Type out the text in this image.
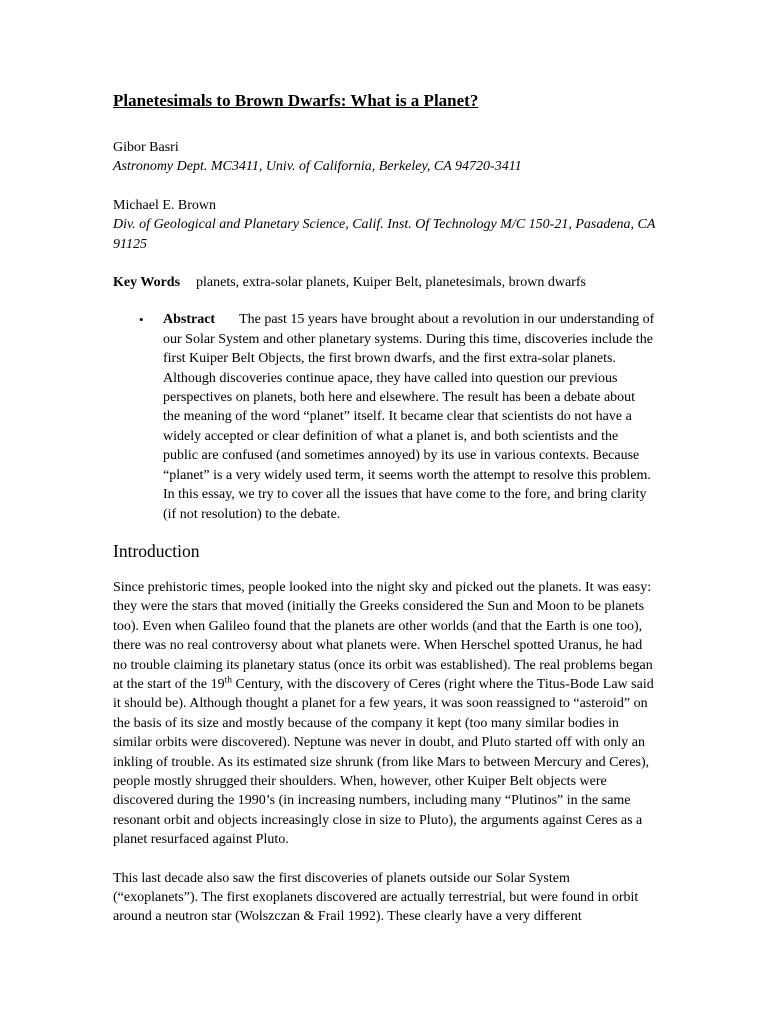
Planetesimals to Brown Dwarfs: What is a Planet?
Gibor Basri
Astronomy Dept. MC3411, Univ. of California, Berkeley, CA 94720-3411
Michael E. Brown
Div. of Geological and Planetary Science, Calif. Inst. Of Technology M/C 150-21, Pasadena, CA 91125
Key Words planets, extra-solar planets, Kuiper Belt, planetesimals, brown dwarfs
•	Abstract The past 15 years have brought about a revolution in our understanding of our Solar System and other planetary systems. During this time, discoveries include the first Kuiper Belt Objects, the first brown dwarfs, and the first extra-solar planets. Although discoveries continue apace, they have called into question our previous perspectives on planets, both here and elsewhere. The result has been a debate about the meaning of the word “planet” itself. It became clear that scientists do not have a widely accepted or clear definition of what a planet is, and both scientists and the public are confused (and sometimes annoyed) by its use in various contexts. Because “planet” is a very widely used term, it seems worth the attempt to resolve this problem. In this essay, we try to cover all the issues that have come to the fore, and bring clarity (if not resolution) to the debate.
Introduction

Since prehistoric times, people looked into the night sky and picked out the planets. It was easy: they were the stars that moved (initially the Greeks considered the Sun and Moon to be planets too). Even when Galileo found that the planets are other worlds (and that the Earth is one too), there was no real controversy about what planets were. When Herschel spotted Uranus, he had no trouble claiming its planetary status (once its orbit was established). The real problems began at the start of the 19th Century, with the discovery of Ceres (right where the Titus-Bode Law said it should be). Although thought a planet for a few years, it was soon reassigned to “asteroid” on the basis of its size and mostly because of the company it kept (too many similar bodies in similar orbits were discovered). Neptune was never in doubt, and Pluto started off with only an inkling of trouble. As its estimated size shrunk (from like Mars to between Mercury and Ceres), people mostly shrugged their shoulders. When, however, other Kuiper Belt objects were discovered during the 1990’s (in increasing numbers, including many “Plutinos” in the same resonant orbit and objects increasingly close in size to Pluto), the arguments against Ceres as a planet resurfaced against Pluto.

This last decade also saw the first discoveries of planets outside our Solar System (“exoplanets”). The first exoplanets discovered are actually terrestrial, but were found in orbit around a neutron star (Wolszczan & Frail 1992). These clearly have a very different
